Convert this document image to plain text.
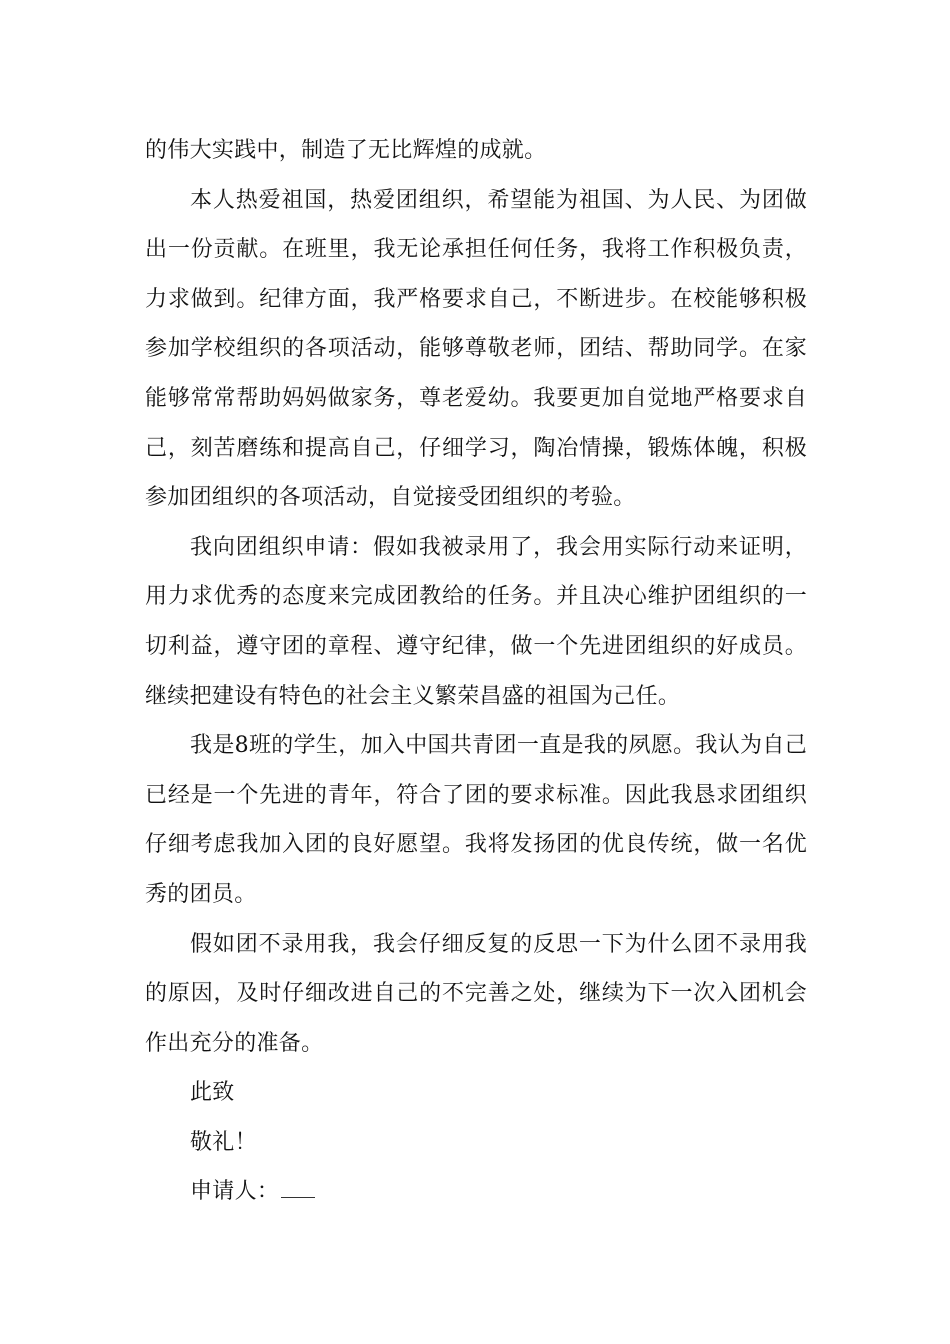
的伟大实践中，制造了无比辉煌的成就。

本人热爱祖国，热爱团组织，希望能为祖国、为人民、为团做出一份贡献。在班里，我无论承担任何任务，我将工作积极负责，力求做到。纪律方面，我严格要求自己，不断进步。在校能够积极参加学校组织的各项活动，能够尊敬老师，团结、帮助同学。在家能够常常帮助妈妈做家务，尊老爱幼。我要更加自觉地严格要求自己，刻苦磨练和提高自己，仔细学习，陶冶情操，锻炼体魄，积极参加团组织的各项活动，自觉接受团组织的考验。

我向团组织申请：假如我被录用了，我会用实际行动来证明，用力求优秀的态度来完成团教给的任务。并且决心维护团组织的一切利益，遵守团的章程、遵守纪律，做一个先进团组织的好成员。继续把建设有特色的社会主义繁荣昌盛的祖国为己任。

我是8班的学生，加入中国共青团一直是我的夙愿。我认为自己已经是一个先进的青年，符合了团的要求标准。因此我恳求团组织仔细考虑我加入团的良好愿望。我将发扬团的优良传统，做一名优秀的团员。

假如团不录用我，我会仔细反复的反思一下为什么团不录用我的原因，及时仔细改进自己的不完善之处，继续为下一次入团机会作出充分的准备。

此致

敬礼！

申请人：
